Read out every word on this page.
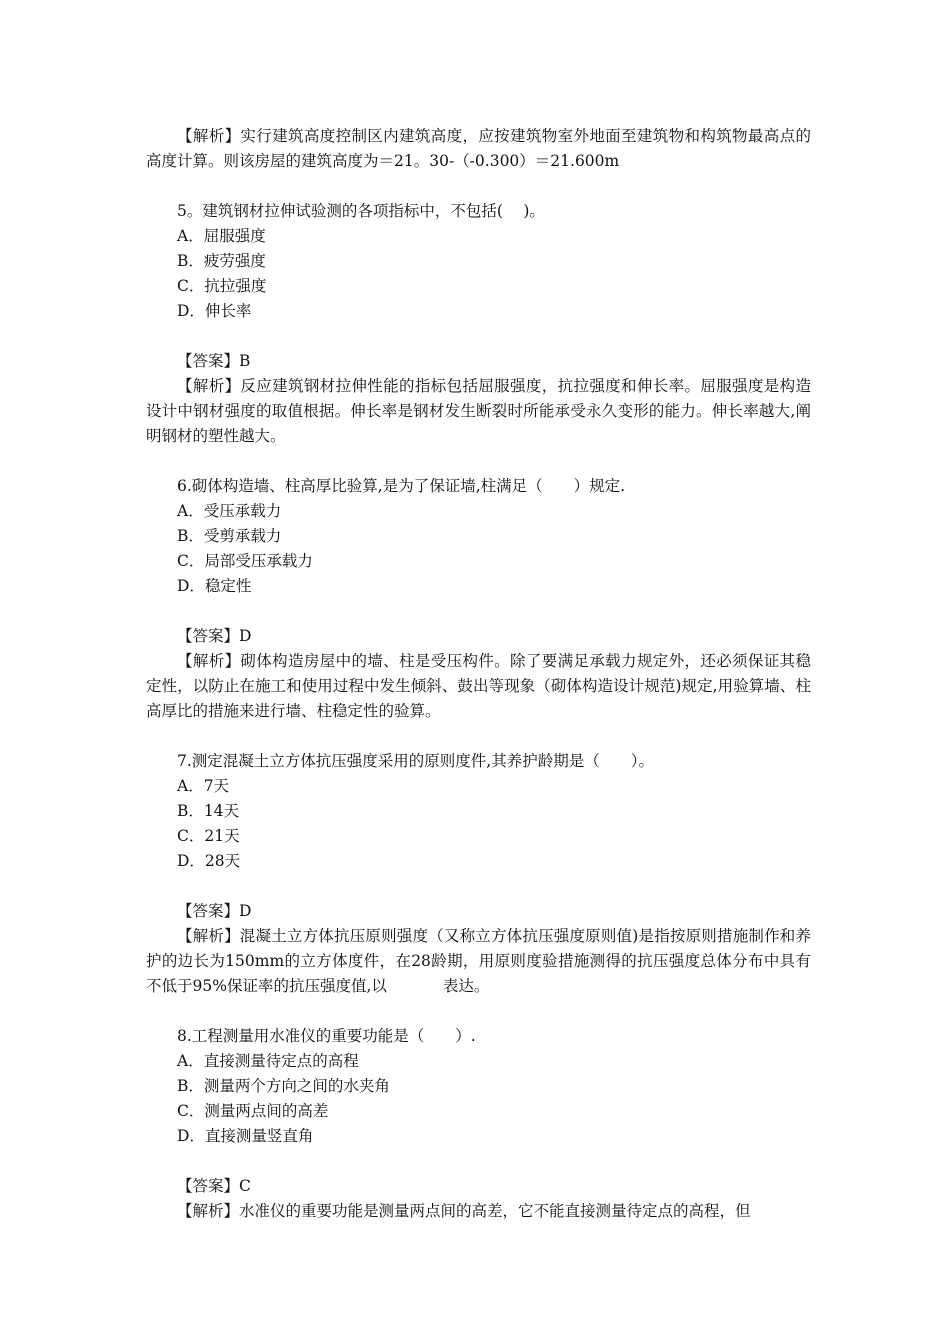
【解析】实行建筑高度控制区内建筑高度，应按建筑物室外地面至建筑物和构筑物最高点的高度计算。则该房屋的建筑高度为＝21。30-（-0.300）＝21.600m

5。建筑钢材拉伸试验测的各项指标中，不包括(　 )。

A．屈服强度

B．疲劳强度

C．抗拉强度

D．伸长率

【答案】B

【解析】反应建筑钢材拉伸性能的指标包括屈服强度，抗拉强度和伸长率。屈服强度是构造设计中钢材强度的取值根据。伸长率是钢材发生断裂时所能承受永久变形的能力。伸长率越大,阐明钢材的塑性越大。

6.砌体构造墙、柱高厚比验算,是为了保证墙,柱满足（　　）规定.

A．受压承载力

B．受剪承载力

C．局部受压承载力

D．稳定性

【答案】D

【解析】砌体构造房屋中的墙、柱是受压构件。除了要满足承载力规定外，还必须保证其稳定性，以防止在施工和使用过程中发生倾斜、鼓出等现象（砌体构造设计规范)规定,用验算墙、柱高厚比的措施来进行墙、柱稳定性的验算。

7.测定混凝土立方体抗压强度采用的原则度件,其养护龄期是（　　）。

A．7天

B．14天

C．21天

D．28天

【答案】D

【解析】混凝土立方体抗压原则强度（又称立方体抗压强度原则值)是指按原则措施制作和养护的边长为150mm的立方体度件，在28龄期，用原则度验措施测得的抗压强度总体分布中具有不低于95%保证率的抗压强度值,以	表达。

8.工程测量用水准仪的重要功能是（　　）.

A．直接测量待定点的高程

B．测量两个方向之间的水夹角

C．测量两点间的高差

D．直接测量竖直角

【答案】C

【解析】水准仪的重要功能是测量两点间的高差，它不能直接测量待定点的高程，但
